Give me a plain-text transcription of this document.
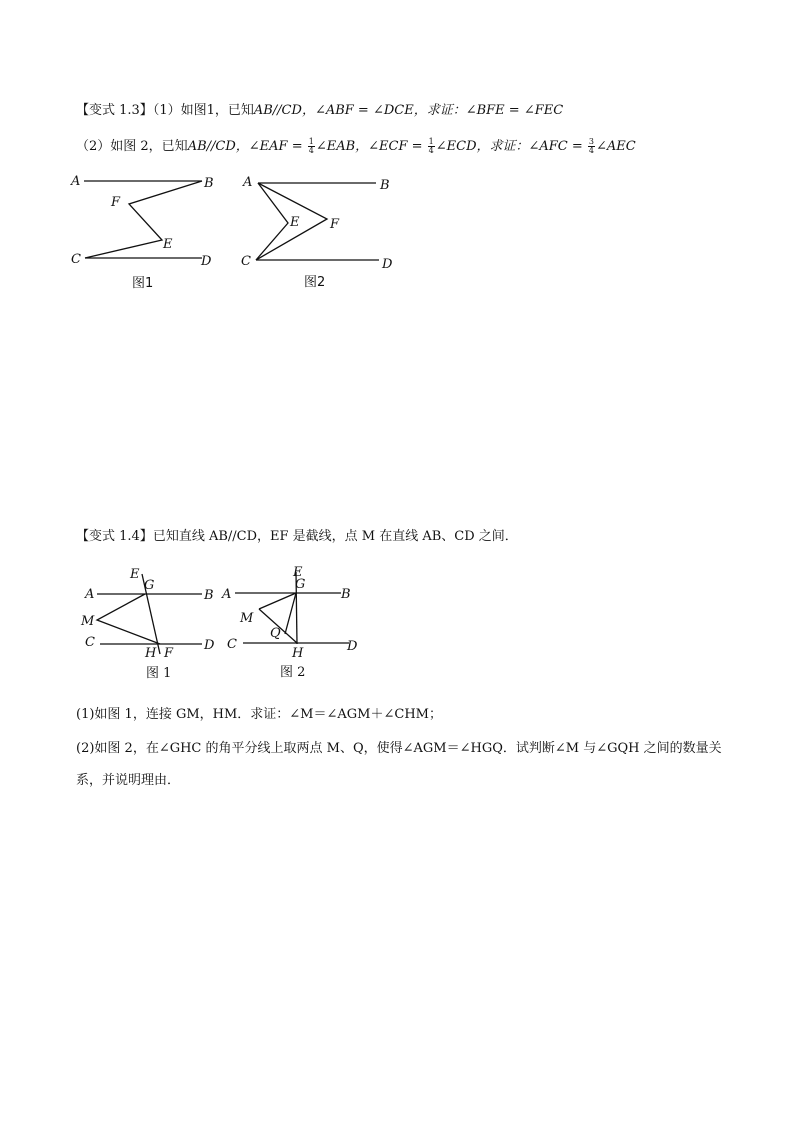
【变式 1.3】（1）如图1，已知AB//CD，∠ABF = ∠DCE，求证：∠BFE = ∠FEC
（2）如图 2，已知AB//CD，∠EAF = $\frac{1}{4}$ ∠EAB，∠ECF = $\frac{1}{4}$ ∠ECD，求证：∠AFC = $\frac{3}{4}$ ∠AEC
A	B
F
E
C	D
图1
A	B
E F
C	D
图2
【变式 1.4】已知直线 AB//CD，EF 是截线，点 M 在直线 AB、CD 之间．
A	B
E
G
M
C	D
H F
图 1
A	B
E
G
M
Q
C	D
H
图 2
(1)如图 1，连接 GM，HM．求证：∠M＝∠AGM＋∠CHM；
(2)如图 2，在∠GHC 的角平分线上取两点 M、Q，使得∠AGM＝∠HGQ．试判断∠M 与∠GQH 之间的数量关
系，并说明理由．
